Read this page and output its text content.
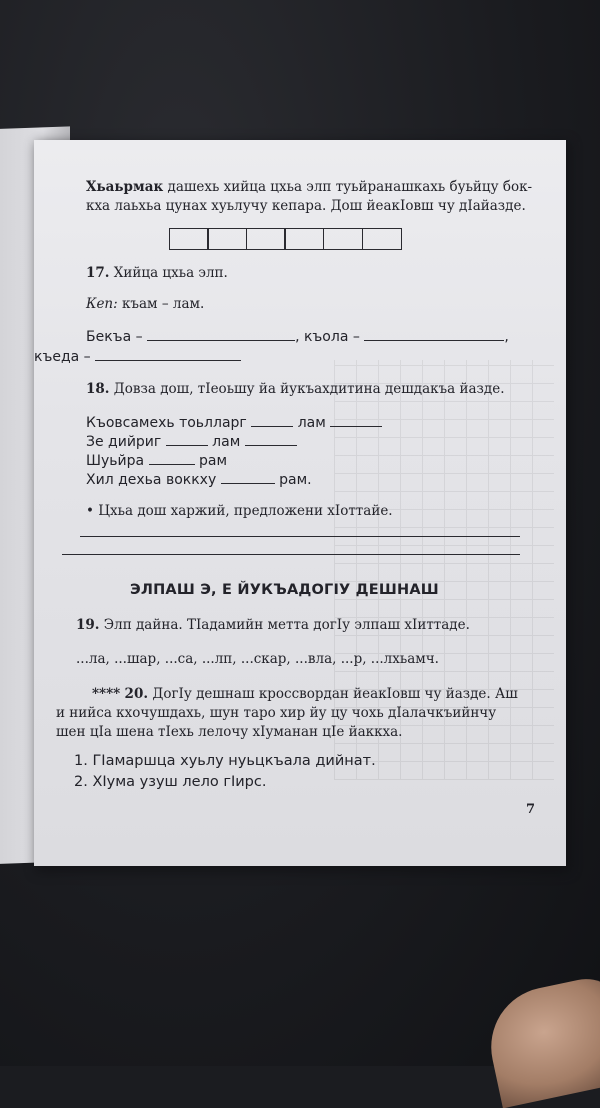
Хьаьрмак дашехь хийца цхьа элп туьйранашкахь буьйцу бок-
кха лаьхьа цунах хуьлучу кепара. Дош йеакIовш чу дIайазде.
17. Хийца цхьа элп.
Кеп: къам – лам.
Бекъа –	, къола –	,
къеда –
18. Довза дош, тIеоьшу йа йукъахдитина дешдакъа йазде.
Къовсамехь тоьлларг	лам
Зе дийриг	лам
Шуьйра	рам
Хил дехьа воккху	рам.
• Цхьа дош харжий, предложени хIоттайе.
ЭЛПАШ Э, Е ЙУКЪАДОГIУ ДЕШНАШ
19. Элп дайна. ТIадамийн метта догIу элпаш хIиттаде.
...ла, ...шар, ...са, ...лп, ...скар, ...вла, ...р, ...лхьамч.
**** 20. ДогIу дешнаш кроссвордан йеакIовш чу йазде. Аш
и нийса кхочушдахь, шун таро хир йу цу чохь дIалачкъийнчу
шен цIа шена тIехь лелочу хIуманан цIе йаккха.
1. ГIамаршца хуьлу нуьцкъала дийнат.
2. ХIума узуш лело гIирс.
7
